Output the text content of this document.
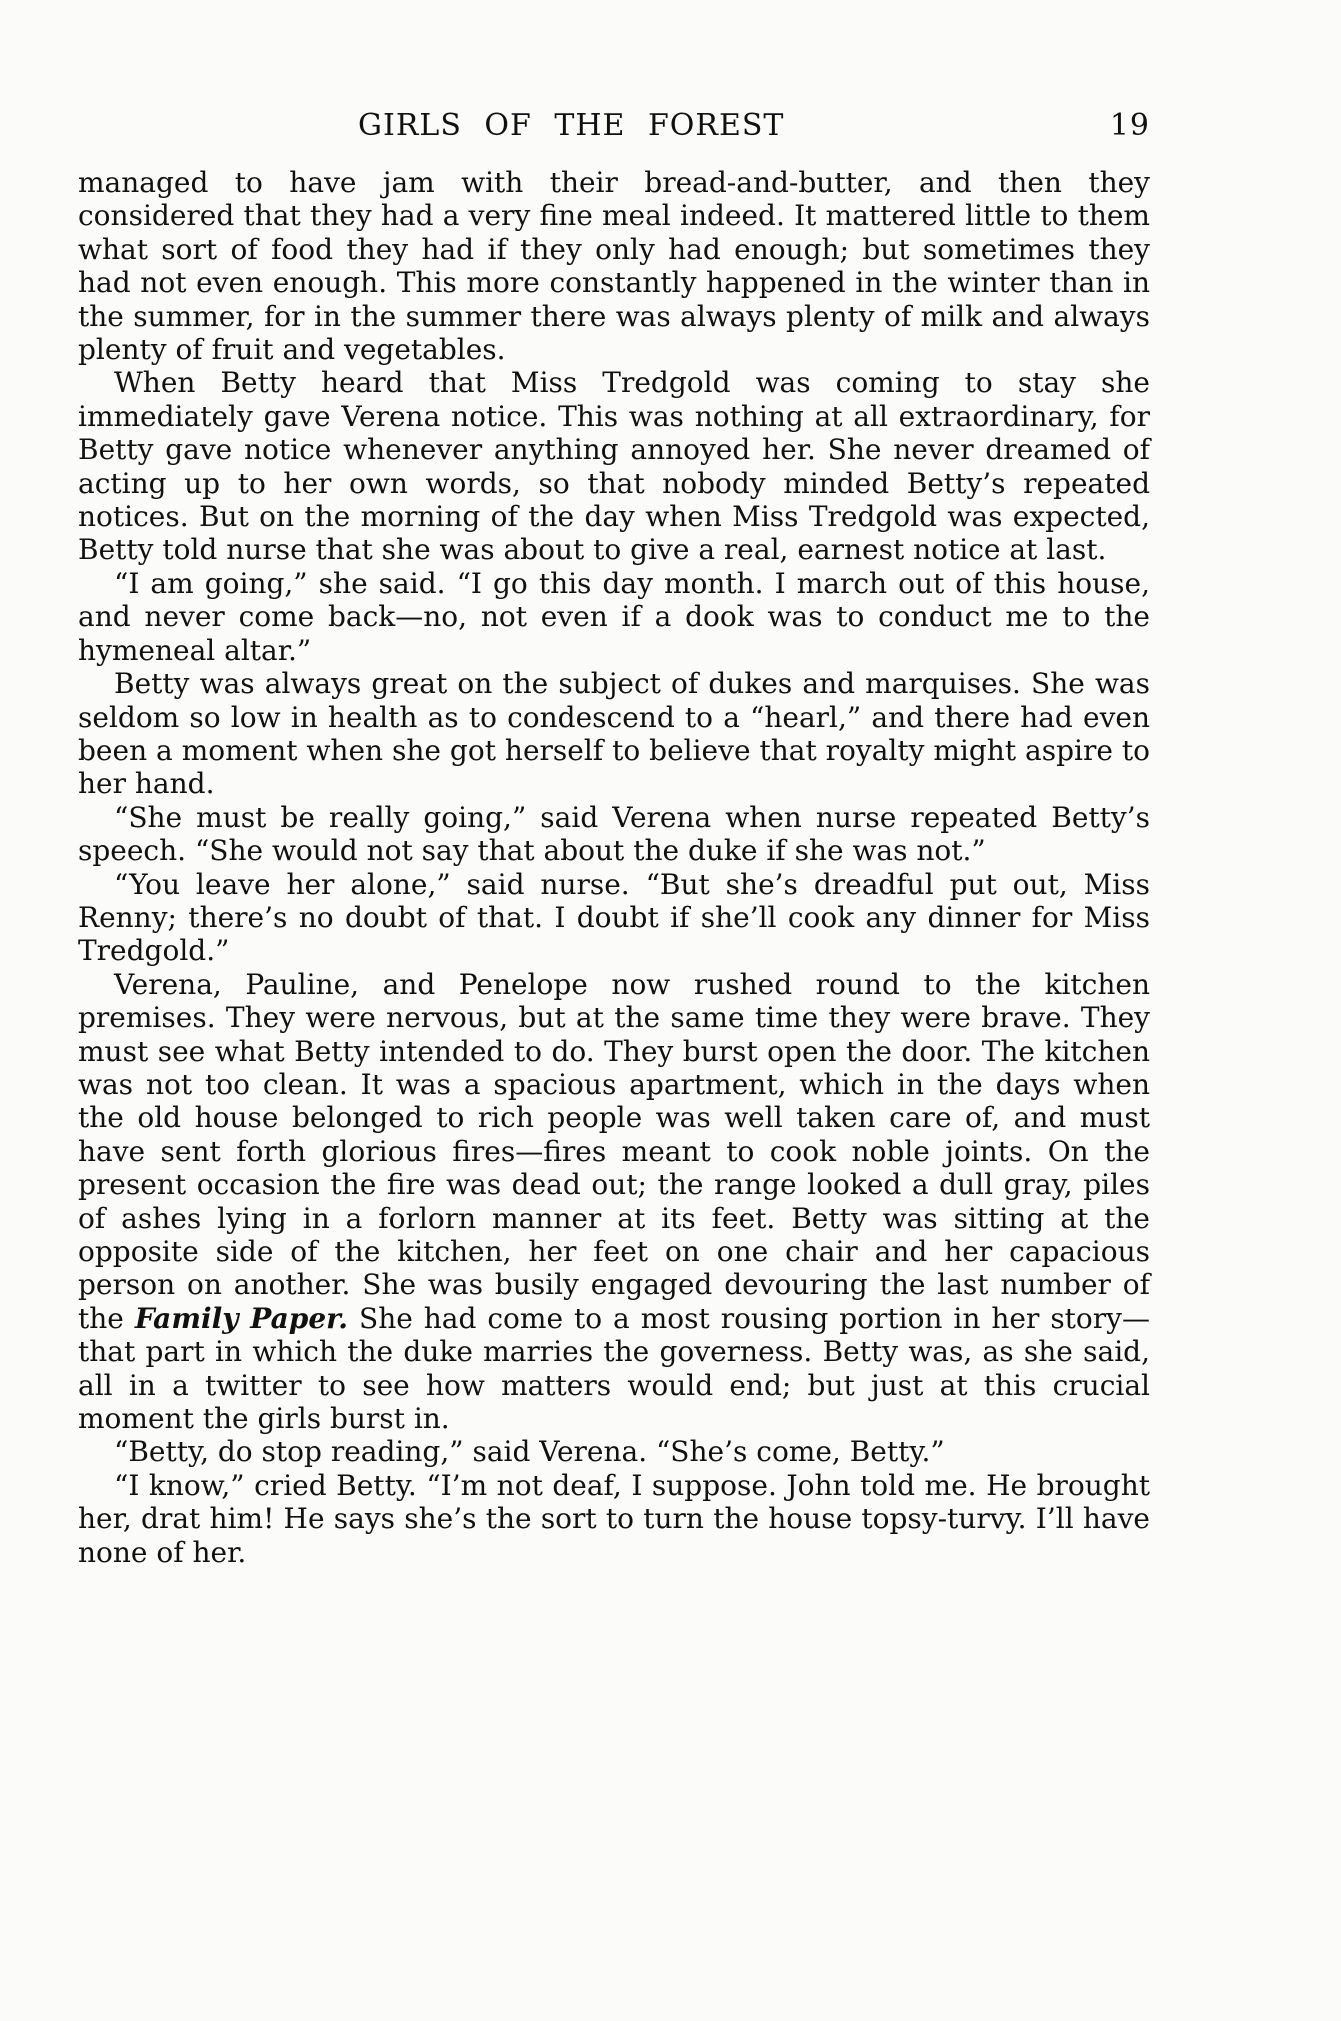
GIRLS OF THE FOREST	19

managed to have jam with their bread-and-butter, and then they considered that they had a very fine meal indeed. It mattered little to them what sort of food they had if they only had enough; but sometimes they had not even enough. This more constantly happened in the winter than in the summer, for in the summer there was always plenty of milk and always plenty of fruit and vegetables.

When Betty heard that Miss Tredgold was coming to stay she immediately gave Verena notice. This was nothing at all extraordinary, for Betty gave notice whenever anything annoyed her. She never dreamed of acting up to her own words, so that nobody minded Betty’s repeated notices. But on the morning of the day when Miss Tredgold was expected, Betty told nurse that she was about to give a real, earnest notice at last.

“I am going,” she said. “I go this day month. I march out of this house, and never come back—no, not even if a dook was to conduct me to the hymeneal altar.”

Betty was always great on the subject of dukes and marquises. She was seldom so low in health as to condescend to a “hearl,” and there had even been a moment when she got herself to believe that royalty might aspire to her hand.

“She must be really going,” said Verena when nurse repeated Betty’s speech. “She would not say that about the duke if she was not.”

“You leave her alone,” said nurse. “But she’s dreadful put out, Miss Renny; there’s no doubt of that. I doubt if she’ll cook any dinner for Miss Tredgold.”

Verena, Pauline, and Penelope now rushed round to the kitchen premises. They were nervous, but at the same time they were brave. They must see what Betty intended to do. They burst open the door. The kitchen was not too clean. It was a spacious apartment, which in the days when the old house belonged to rich people was well taken care of, and must have sent forth glorious fires—fires meant to cook noble joints. On the present occasion the fire was dead out; the range looked a dull gray, piles of ashes lying in a forlorn manner at its feet. Betty was sitting at the opposite side of the kitchen, her feet on one chair and her capacious person on another. She was busily engaged devouring the last number of the Family Paper. She had come to a most rousing portion in her story—that part in which the duke marries the governess. Betty was, as she said, all in a twitter to see how matters would end; but just at this crucial moment the girls burst in.

“Betty, do stop reading,” said Verena. “She’s come, Betty.”

“I know,” cried Betty. “I’m not deaf, I suppose. John told me. He brought her, drat him! He says she’s the sort to turn the house topsy-turvy. I’ll have none of her.
